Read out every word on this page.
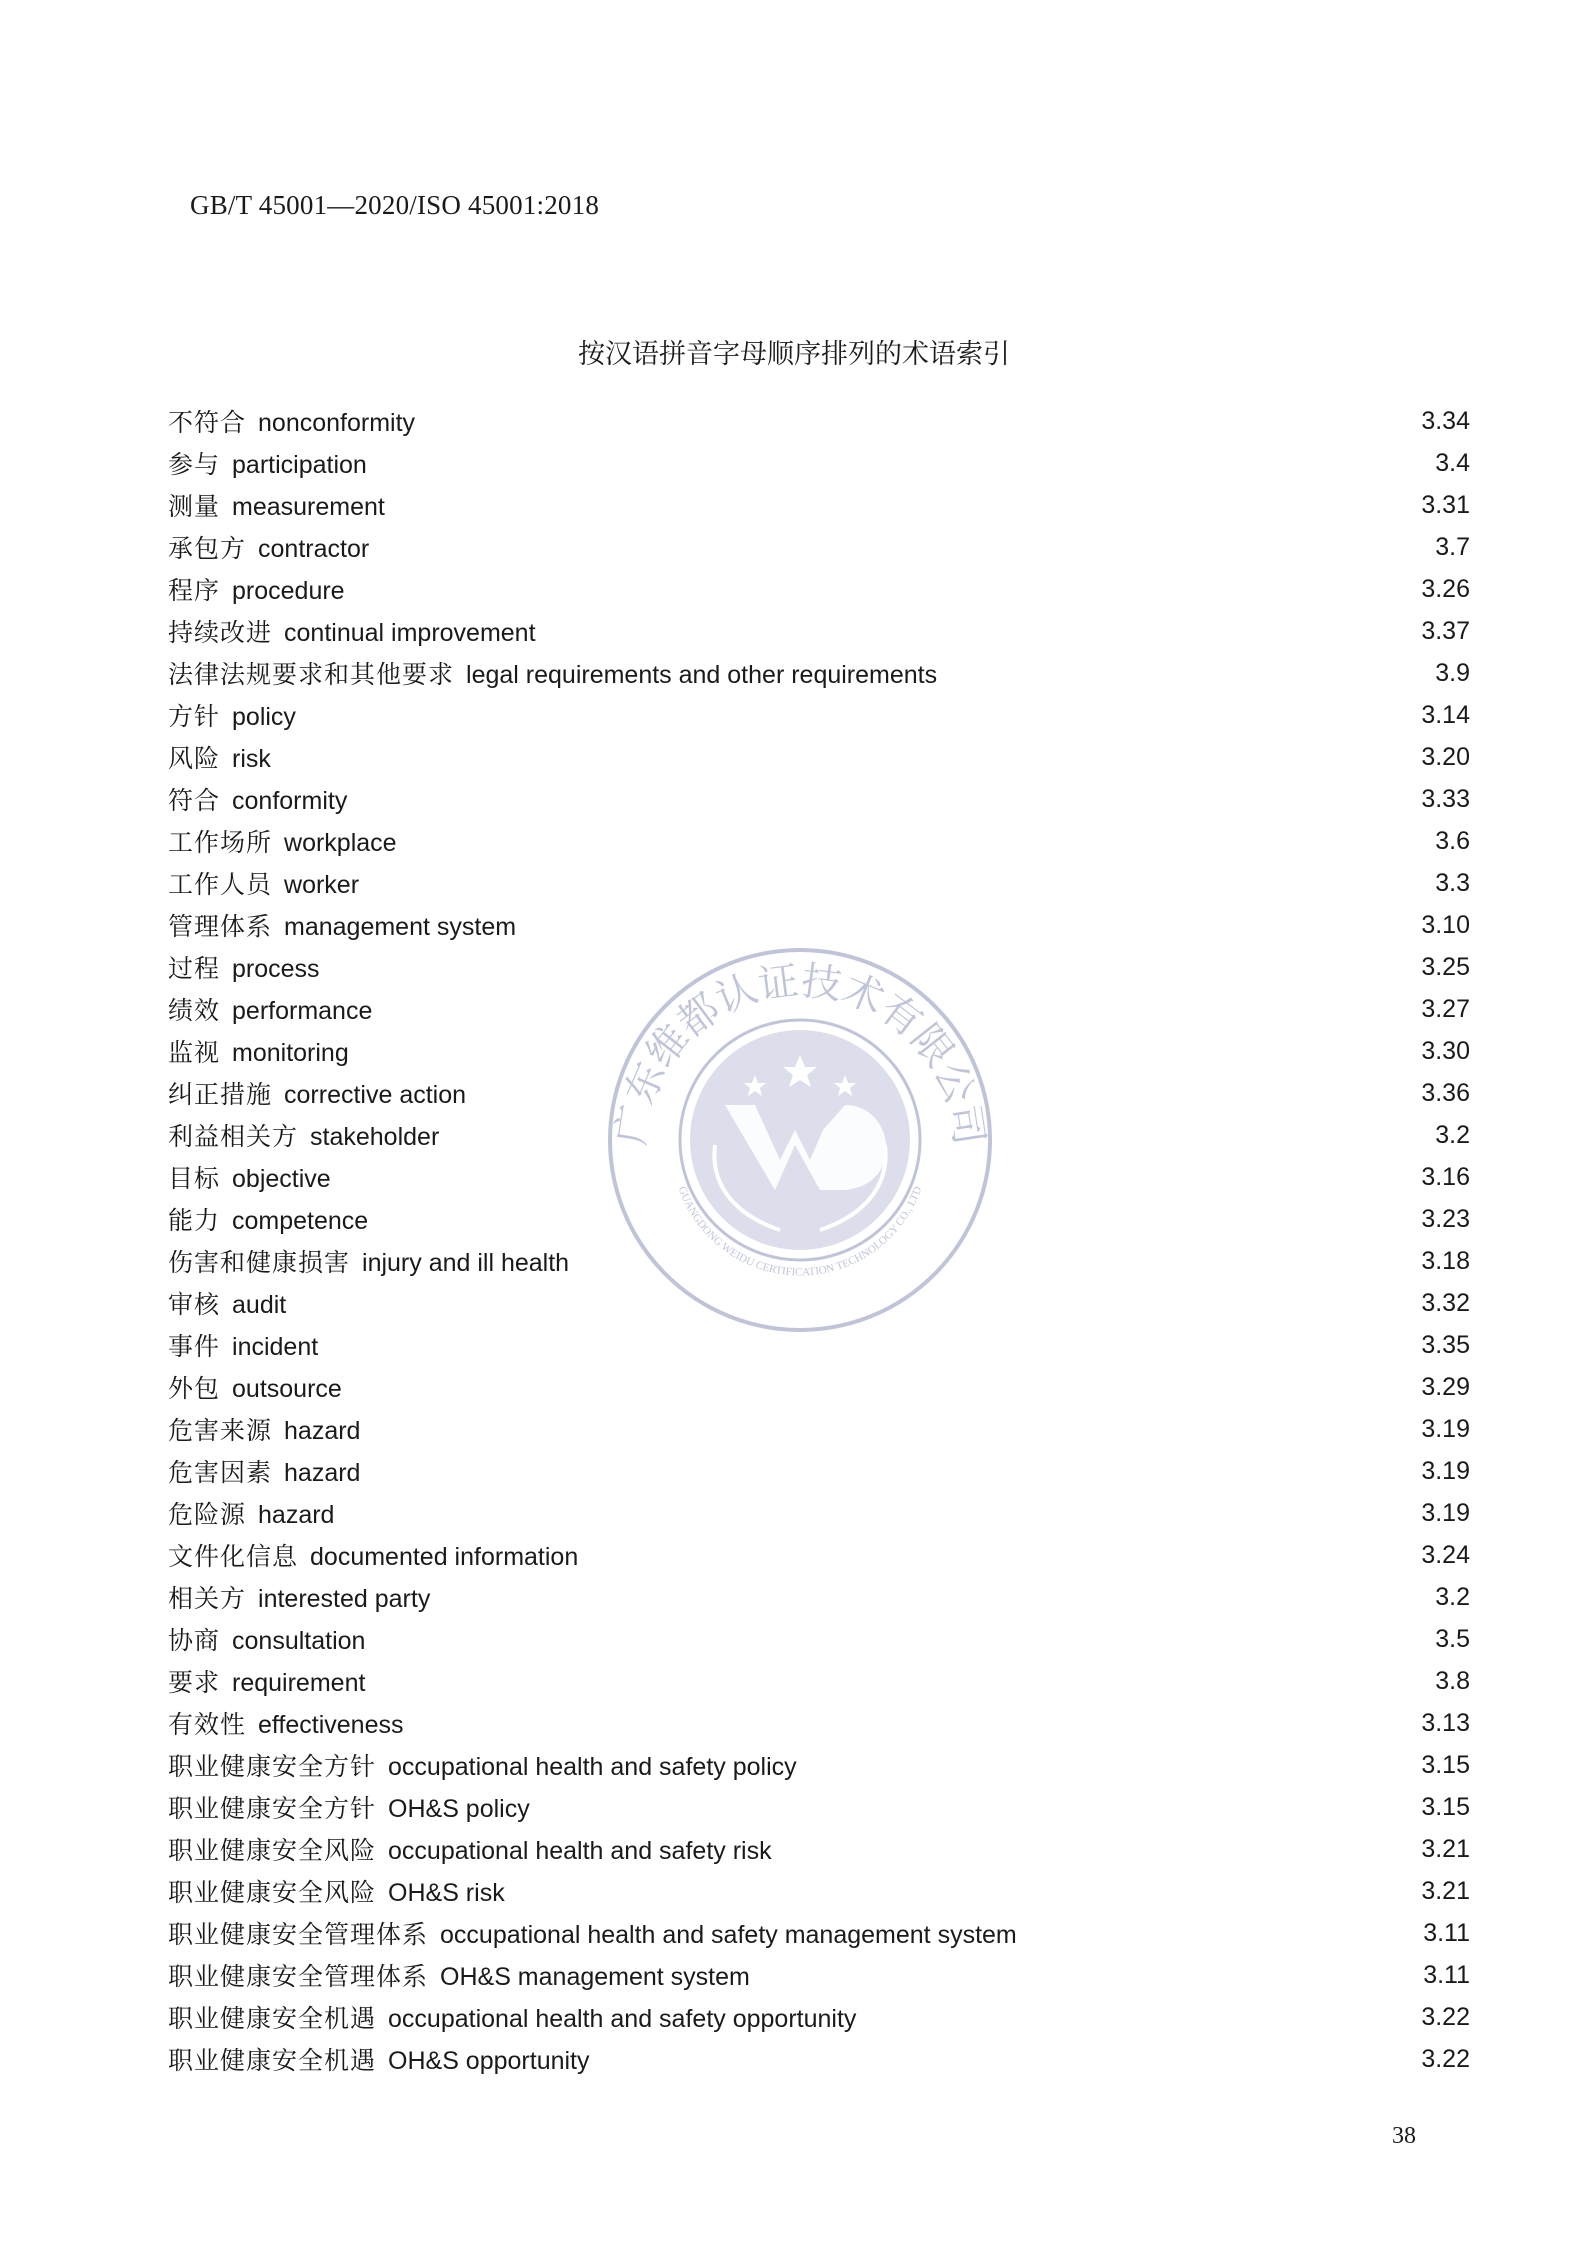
GB/T 45001—2020/ISO 45001:2018
按汉语拼音字母顺序排列的术语索引
不符合 nonconformity	3.34
参与 participation	3.4
测量 measurement	3.31
承包方 contractor	3.7
程序 procedure	3.26
持续改进 continual improvement	3.37
法律法规要求和其他要求 legal requirements and other requirements	3.9
方针 policy	3.14
风险 risk	3.20
符合 conformity	3.33
工作场所 workplace	3.6
工作人员 worker	3.3
管理体系 management system	3.10
过程 process	3.25
绩效 performance	3.27
监视 monitoring	3.30
纠正措施 corrective action	3.36
利益相关方 stakeholder	3.2
目标 objective	3.16
能力 competence	3.23
伤害和健康损害 injury and ill health	3.18
审核 audit	3.32
事件 incident	3.35
外包 outsource	3.29
危害来源 hazard	3.19
危害因素 hazard	3.19
危险源 hazard	3.19
文件化信息 documented information	3.24
相关方 interested party	3.2
协商 consultation	3.5
要求 requirement	3.8
有效性 effectiveness	3.13
职业健康安全方针 occupational health and safety policy	3.15
职业健康安全方针 OH&S policy	3.15
职业健康安全风险 occupational health and safety risk	3.21
职业健康安全风险 OH&S risk	3.21
职业健康安全管理体系 occupational health and safety management system	3.11
职业健康安全管理体系 OH&S management system	3.11
职业健康安全机遇 occupational health and safety opportunity	3.22
职业健康安全机遇 OH&S opportunity	3.22
广东维都认证技术有限公司
GUANGDONG WEIDU CERTIFICATION TECHNOLOGY CO., LTD
38
